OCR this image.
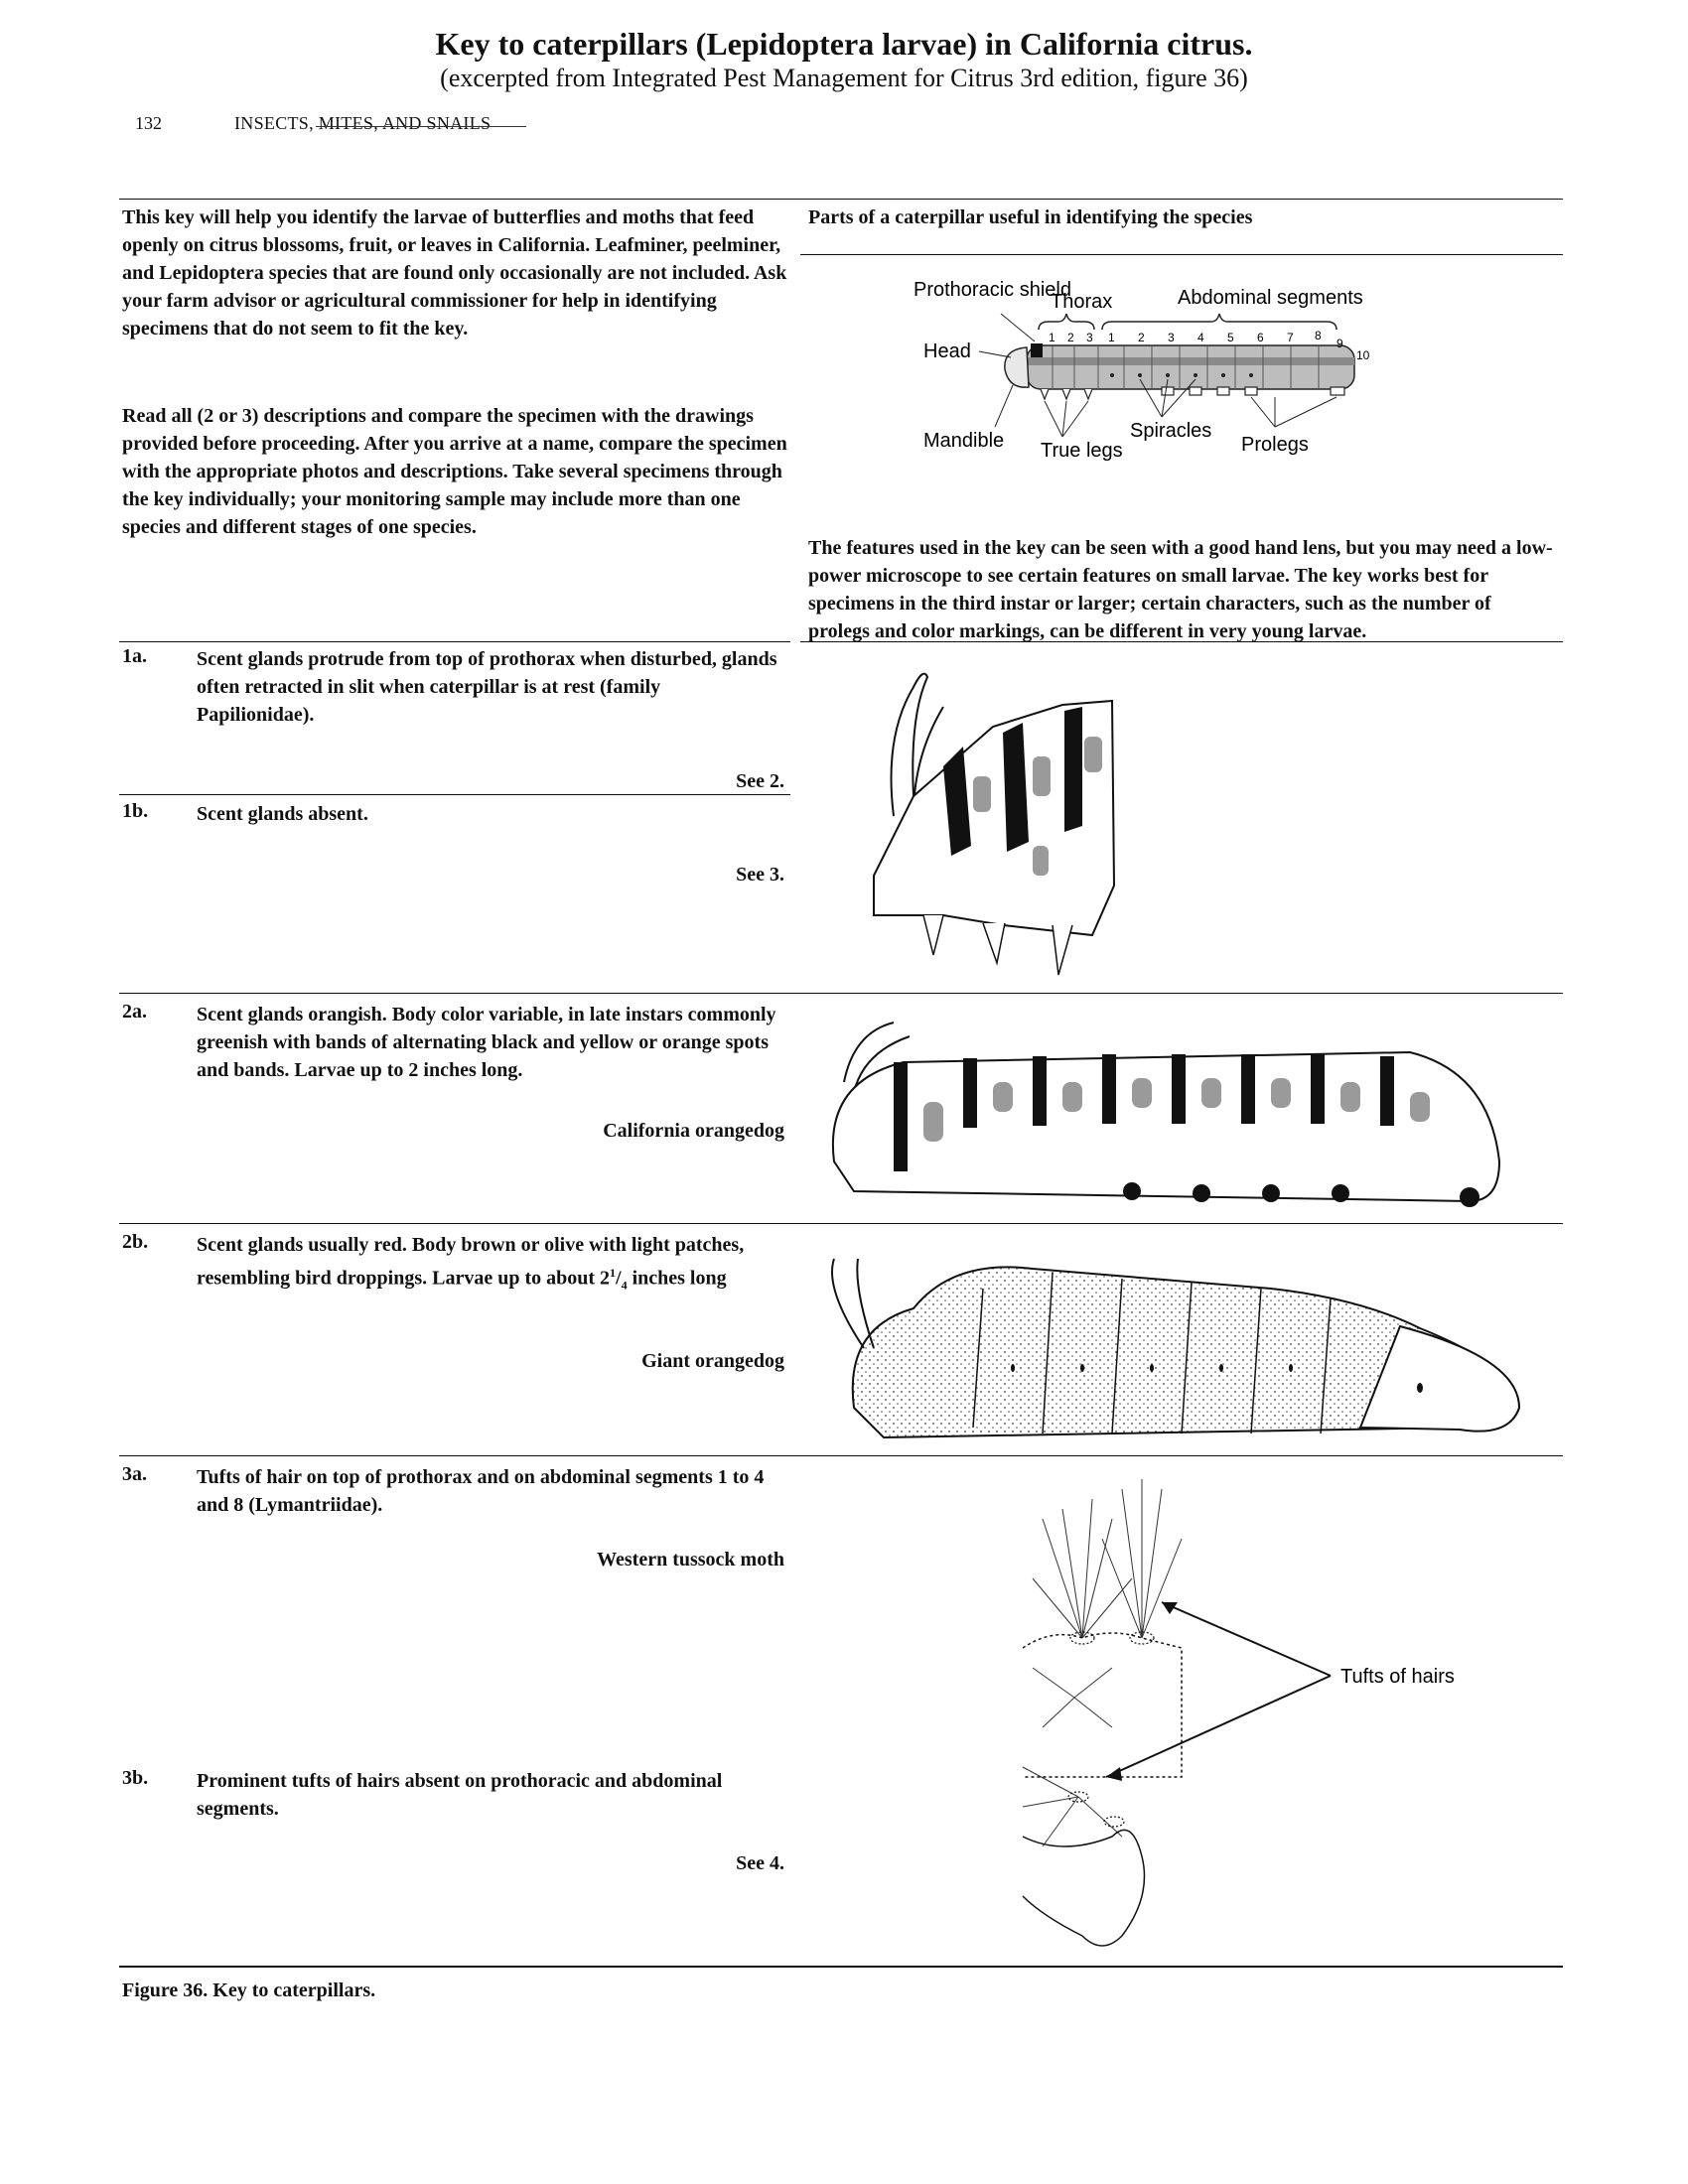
Key to caterpillars (Lepidoptera larvae) in California citrus.
(excerpted from Integrated Pest Management for Citrus 3rd edition, figure 36)
132	INSECTS, MITES, AND SNAILS
This key will help you identify the larvae of butterflies and moths that feed openly on citrus blossoms, fruit, or leaves in California. Leafminer, peelminer, and Lepidoptera species that are found only occasionally are not included. Ask your farm advisor or agricultural commissioner for help in identifying specimens that do not seem to fit the key.
Read all (2 or 3) descriptions and compare the specimen with the drawings provided before proceeding. After you arrive at a name, compare the specimen with the appropriate photos and descriptions. Take several specimens through the key individually; your monitoring sample may include more than one species and different stages of one species.
Parts of a caterpillar useful in identifying the species
1 2 3 1 2 3 4 5 6 7 8
9
10
Prothoracic shield
Thorax	Abdominal segments
Head
Mandible True legs
Spiracles
Prolegs
The features used in the key can be seen with a good hand lens, but you may need a low-power microscope to see certain features on small larvae. The key works best for specimens in the third instar or larger; certain characters, such as the number of prolegs and color markings, can be different in very young larvae.
1a.	Scent glands protrude from top of prothorax when disturbed, glands often retracted in slit when caterpillar is at rest (family Papilionidae).
See 2.
1b. Scent glands absent.
See 3.
2a.	Scent glands orangish. Body color variable, in late instars commonly greenish with bands of alternating black and yellow or orange spots and bands. Larvae up to 2 inches long.
California orangedog
2b. Scent glands usually red. Body brown or olive with light patches, resembling bird droppings. Larvae up to about $2^1/_4$ inches long
Giant orangedog
3a.	Tufts of hair on top of prothorax and on abdominal segments 1 to 4 and 8 (Lymantriidae).
Western tussock moth
3b. Prominent tufts of hairs absent on prothoracic and abdominal segments.
See 4.
Tufts of hairs
Figure 36. Key to caterpillars.
